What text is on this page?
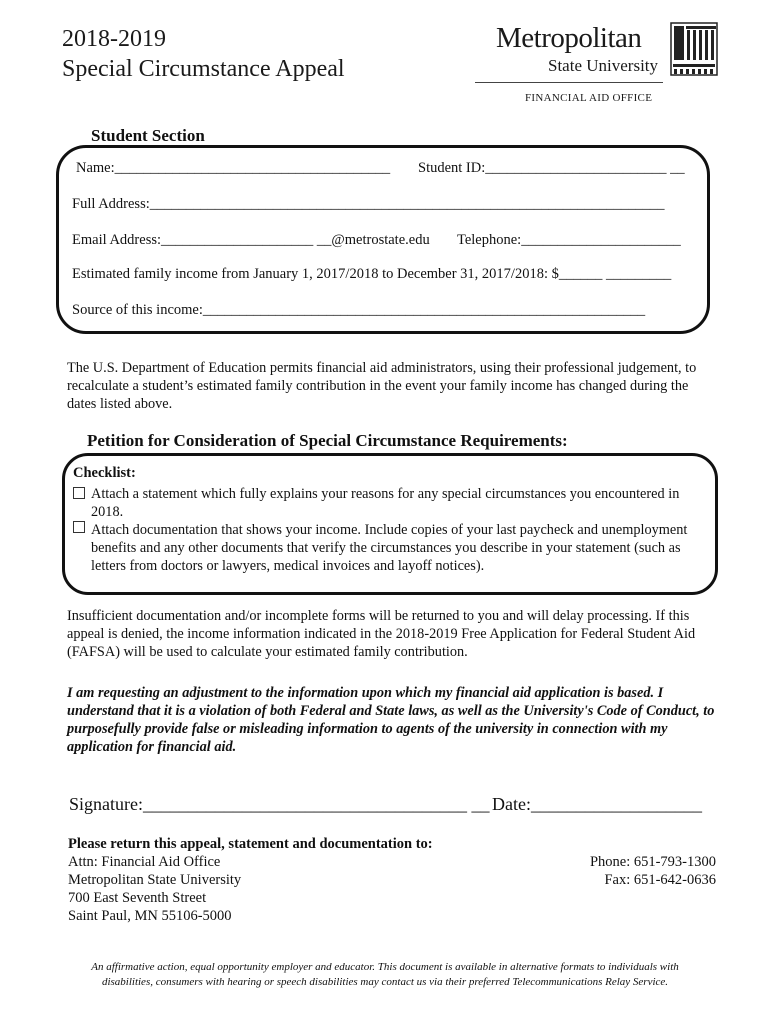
2018-2019
Special Circumstance Appeal
Metropolitan
State University
FINANCIAL AID OFFICE
Student Section
Name:______________________________________ Student ID:_________________________ __
Full Address:_______________________________________________________________________
Email Address:_____________________ __@metrostate.edu Telephone:______________________
Estimated family income from January 1, 2017/2018 to December 31, 2017/2018: $______ _________
Source of this income:_____________________________________________________________
The U.S. Department of Education permits financial aid administrators, using their professional judgement, to recalculate a student’s estimated family contribution in the event your family income has changed during the dates listed above.
Petition for Consideration of Special Circumstance Requirements:
Checklist:
Attach a statement which fully explains your reasons for any special circumstances you encountered in 2018.
Attach documentation that shows your income. Include copies of your last paycheck and unemployment benefits and any other documents that verify the circumstances you describe in your statement (such as letters from doctors or lawyers, medical invoices and layoff notices).
Insufficient documentation and/or incomplete forms will be returned to you and will delay processing. If this appeal is denied, the income information indicated in the 2018-2019 Free Application for Federal Student Aid (FAFSA) will be used to calculate your estimated family contribution.
I am requesting an adjustment to the information upon which my financial aid application is based. I understand that it is a violation of both Federal and State laws, as well as the University's Code of Conduct, to purposefully provide false or misleading information to agents of the university in connection with my application for financial aid.
Signature:____________________________________ __ Date:___________________
Please return this appeal, statement and documentation to:
Attn: Financial Aid Office
Metropolitan State University
700 East Seventh Street
Saint Paul, MN 55106-5000
Phone: 651-793-1300
Fax: 651-642-0636
An affirmative action, equal opportunity employer and educator. This document is available in alternative formats to individuals with disabilities, consumers with hearing or speech disabilities may contact us via their preferred Telecommunications Relay Service.
